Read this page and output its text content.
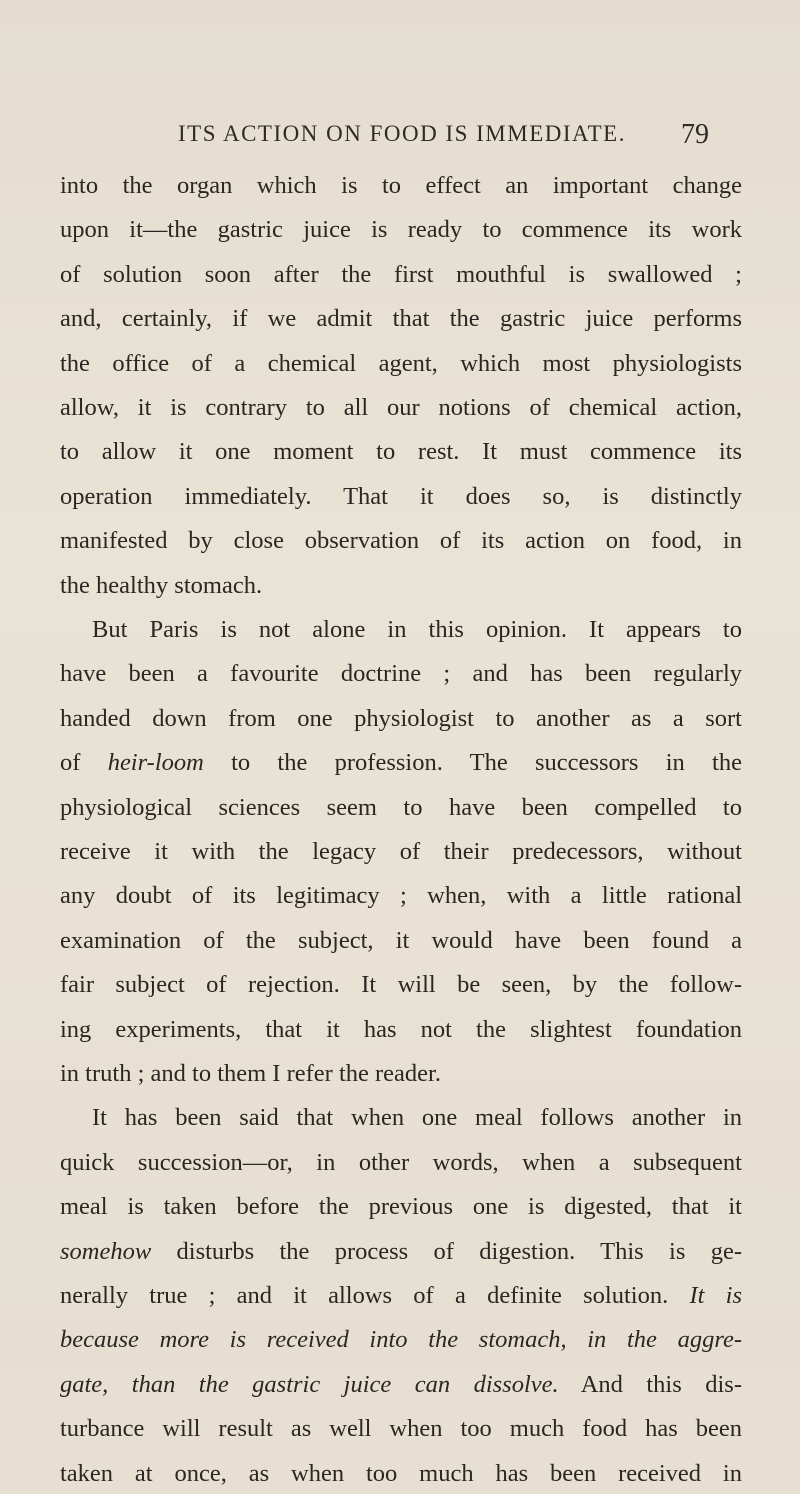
ITS ACTION ON FOOD IS IMMEDIATE. 79
into the organ which is to effect an important change
upon it—the gastric juice is ready to commence its work
of solution soon after the first mouthful is swallowed ;
and, certainly, if we admit that the gastric juice performs
the office of a chemical agent, which most physiologists
allow, it is contrary to all our notions of chemical action,
to allow it one moment to rest. It must commence its
operation immediately. That it does so, is distinctly
manifested by close observation of its action on food, in
the healthy stomach.
But Paris is not alone in this opinion. It appears to
have been a favourite doctrine ; and has been regularly
handed down from one physiologist to another as a sort
of heir-loom to the profession. The successors in the
physiological sciences seem to have been compelled to
receive it with the legacy of their predecessors, without
any doubt of its legitimacy ; when, with a little rational
examination of the subject, it would have been found a
fair subject of rejection. It will be seen, by the follow-
ing experiments, that it has not the slightest foundation
in truth ; and to them I refer the reader.
It has been said that when one meal follows another in
quick succession—or, in other words, when a subsequent
meal is taken before the previous one is digested, that it
somehow disturbs the process of digestion. This is ge-
nerally true ; and it allows of a definite solution. It is
because more is received into the stomach, in the aggre-
gate, than the gastric juice can dissolve. And this dis-
turbance will result as well when too much food has been
taken at once, as when too much has been received in
